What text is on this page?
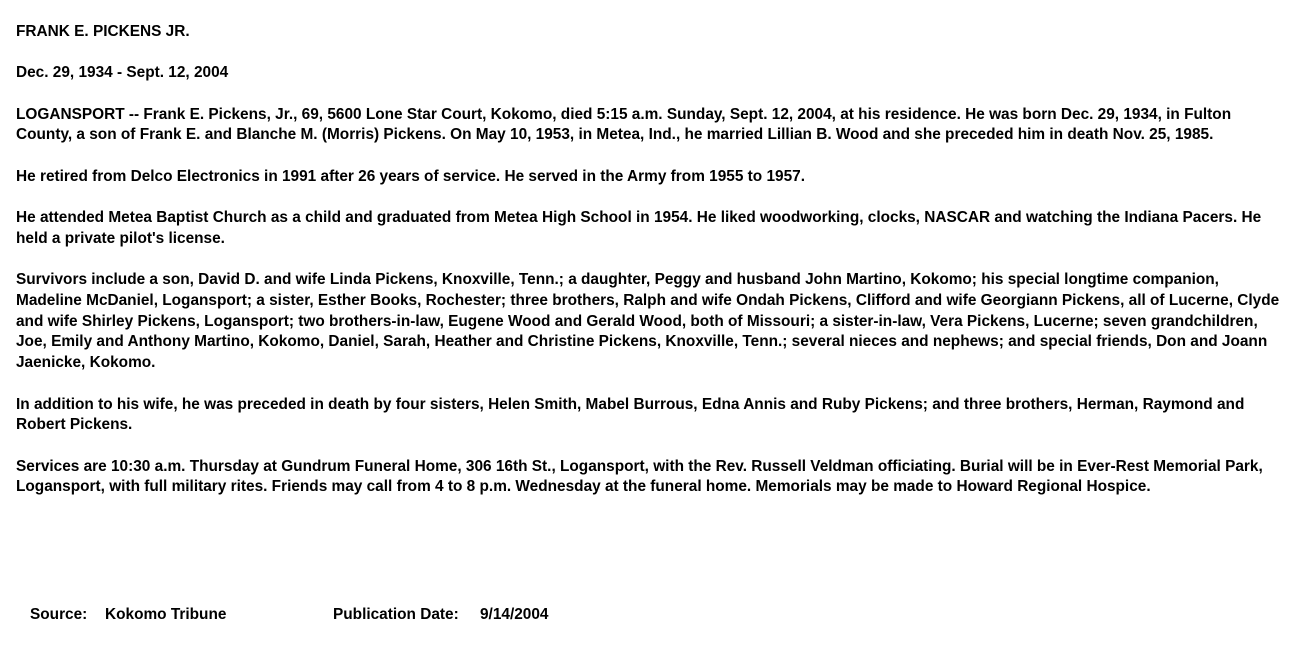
FRANK E. PICKENS JR.

Dec. 29, 1934 - Sept. 12, 2004

LOGANSPORT -- Frank E. Pickens, Jr., 69, 5600 Lone Star Court, Kokomo, died 5:15 a.m. Sunday, Sept. 12, 2004, at his residence. He was born Dec. 29, 1934, in Fulton County, a son of Frank E. and Blanche M. (Morris) Pickens. On May 10, 1953, in Metea, Ind., he married Lillian B. Wood and she preceded him in death Nov. 25, 1985.

He retired from Delco Electronics in 1991 after 26 years of service. He served in the Army from 1955 to 1957.

He attended Metea Baptist Church as a child and graduated from Metea High School in 1954. He liked woodworking, clocks, NASCAR and watching the Indiana Pacers. He held a private pilot's license.

Survivors include a son, David D. and wife Linda Pickens, Knoxville, Tenn.; a daughter, Peggy and husband John Martino, Kokomo; his special longtime companion, Madeline McDaniel, Logansport; a sister, Esther Books, Rochester; three brothers, Ralph and wife Ondah Pickens, Clifford and wife Georgiann Pickens, all of Lucerne, Clyde and wife Shirley Pickens, Logansport; two brothers-in-law, Eugene Wood and Gerald Wood, both of Missouri; a sister-in-law, Vera Pickens, Lucerne; seven grandchildren, Joe, Emily and Anthony Martino, Kokomo, Daniel, Sarah, Heather and Christine Pickens, Knoxville, Tenn.; several nieces and nephews; and special friends, Don and Joann Jaenicke, Kokomo.

In addition to his wife, he was preceded in death by four sisters, Helen Smith, Mabel Burrous, Edna Annis and Ruby Pickens; and three brothers, Herman, Raymond and Robert Pickens.

Services are 10:30 a.m. Thursday at Gundrum Funeral Home, 306 16th St., Logansport, with the Rev. Russell Veldman officiating. Burial will be in Ever-Rest Memorial Park, Logansport, with full military rites. Friends may call from 4 to 8 p.m. Wednesday at the funeral home. Memorials may be made to Howard Regional Hospice.

Source: Kokomo Tribune	Publication Date: 9/14/2004
